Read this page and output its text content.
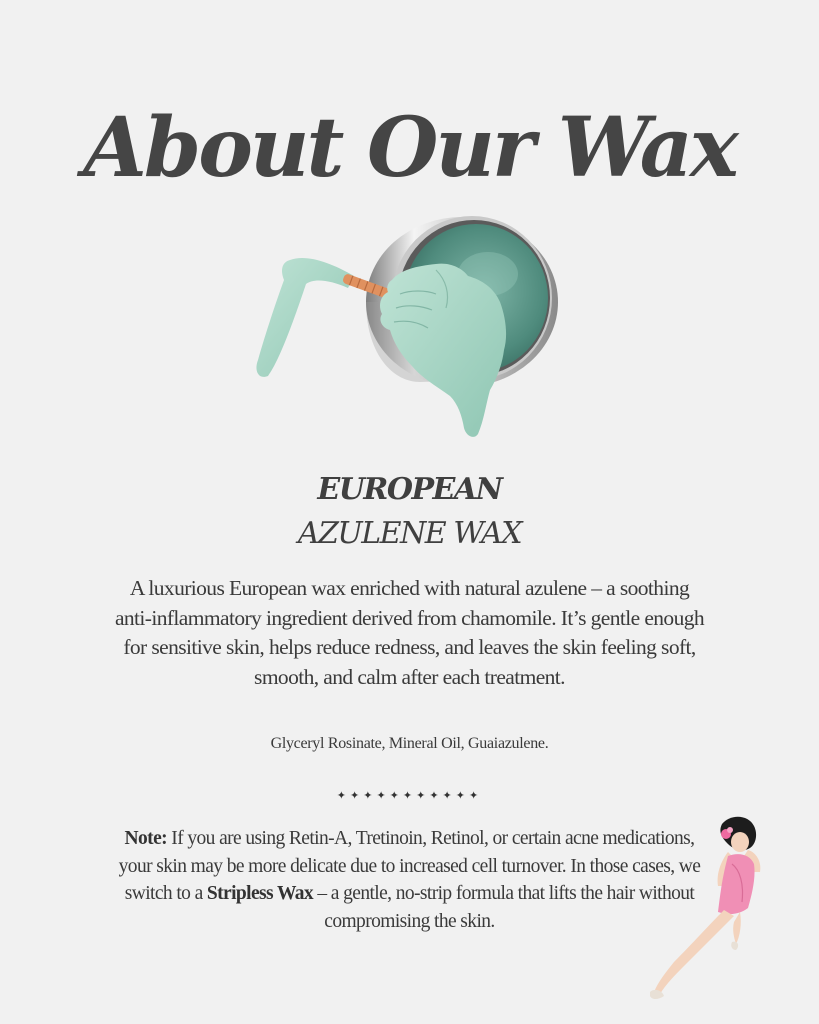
About Our Wax
EUROPEAN
AZULENE WAX

A luxurious European wax enriched with natural azulene – a soothing anti-inflammatory ingredient derived from chamomile. It’s gentle enough for sensitive skin, helps reduce redness, and leaves the skin feeling soft, smooth, and calm after each treatment.

Glyceryl Rosinate, Mineral Oil, Guaiazulene.

✦✦✦✦✦✦✦✦✦✦✦

Note: If you are using Retin-A, Tretinoin, Retinol, or certain acne medications, your skin may be more delicate due to increased cell turnover. In those cases, we switch to a Stripless Wax – a gentle, no-strip formula that lifts the hair without compromising the skin.
